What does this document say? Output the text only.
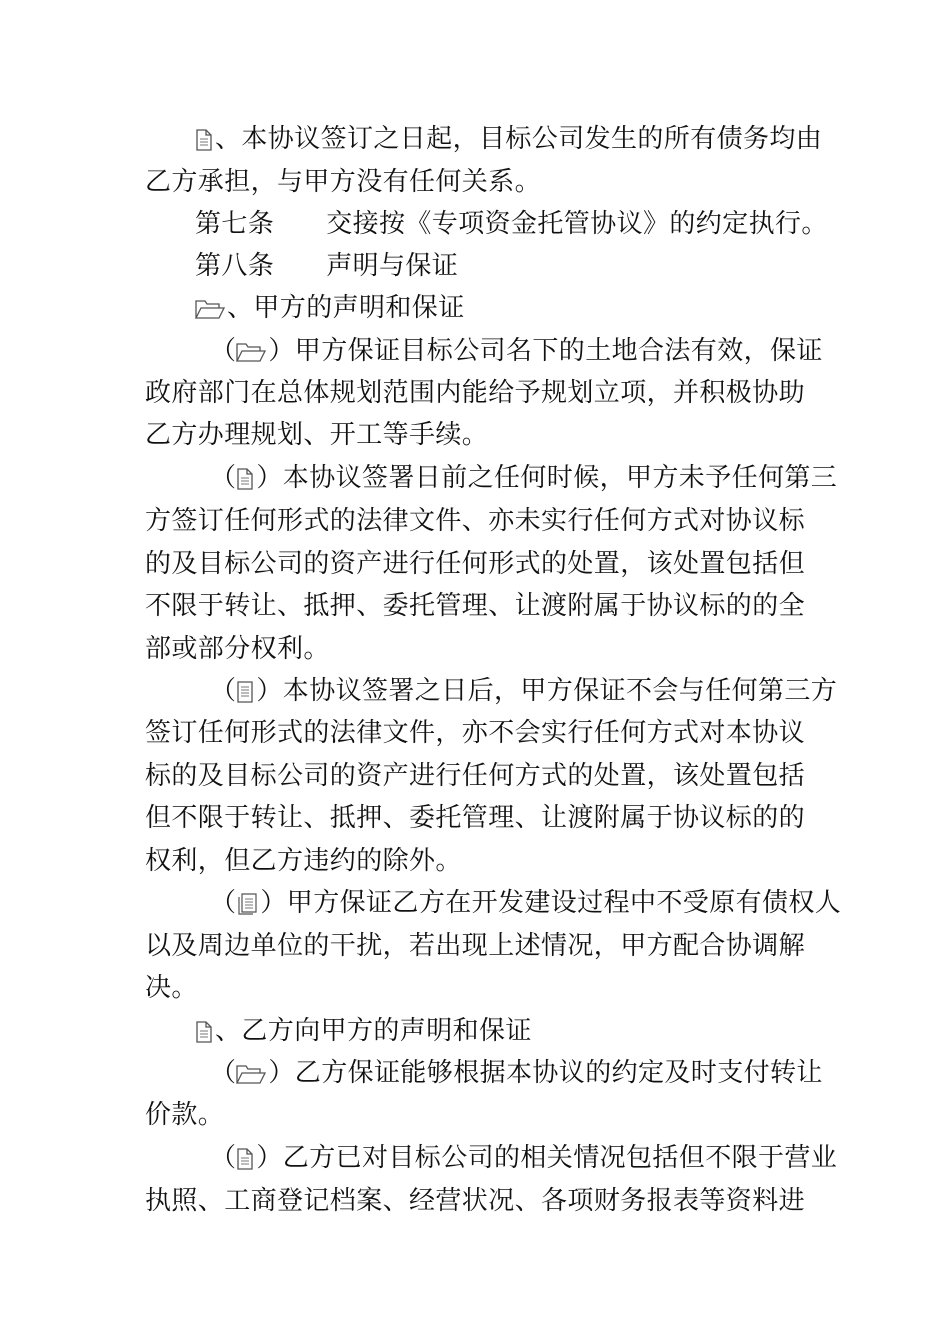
、本协议签订之日起，目标公司发生的所有债务均由
乙方承担，与甲方没有任何关系。
第七条 交接按《专项资金托管协议》的约定执行。
第八条 声明与保证
、甲方的声明和保证
（ ）甲方保证目标公司名下的土地合法有效，保证
政府部门在总体规划范围内能给予规划立项，并积极协助
乙方办理规划、开工等手续。
（ ）本协议签署日前之任何时候，甲方未予任何第三
方签订任何形式的法律文件、亦未实行任何方式对协议标
的及目标公司的资产进行任何形式的处置，该处置包括但
不限于转让、抵押、委托管理、让渡附属于协议标的的全
部或部分权利。
（ ）本协议签署之日后，甲方保证不会与任何第三方
签订任何形式的法律文件，亦不会实行任何方式对本协议
标的及目标公司的资产进行任何方式的处置，该处置包括
但不限于转让、抵押、委托管理、让渡附属于协议标的的
权利，但乙方违约的除外。
（ ）甲方保证乙方在开发建设过程中不受原有债权人
以及周边单位的干扰，若出现上述情况，甲方配合协调解
决。
、乙方向甲方的声明和保证
（ ）乙方保证能够根据本协议的约定及时支付转让
价款。
（ ）乙方已对目标公司的相关情况包括但不限于营业
执照、工商登记档案、经营状况、各项财务报表等资料进
